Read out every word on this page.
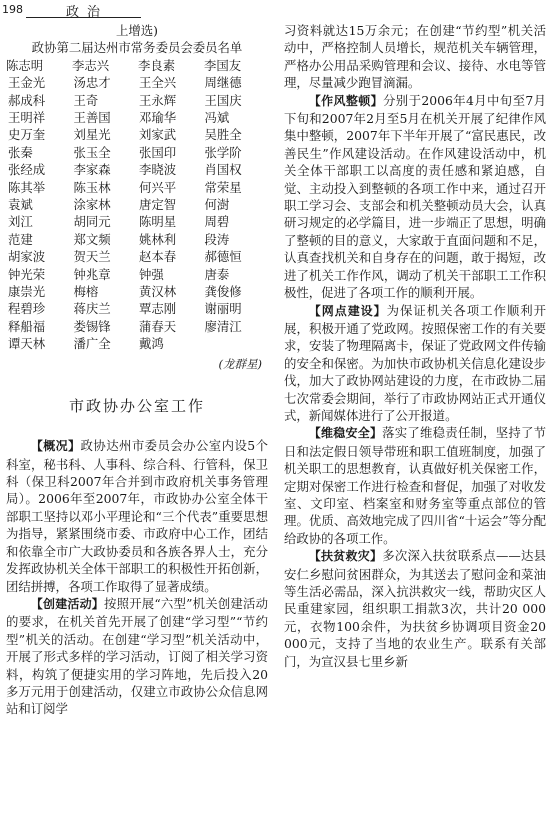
198	政治

上增选)

政协第二届达州市常务委员会委员名单

陈志明	李志兴	李良素	李国友
王金光	汤忠才	王全兴	周继德
郝成科	王奇	王永辉	王国庆
王明祥	王善国	邓瑜华	冯斌
史万奎	刘星光	刘家武	吴胜全
张秦	张玉全	张国印	张学阶
张经成	李家森	李晓波	肖国权
陈其举	陈玉林	何兴平	常荣星
袁斌	涂家林	唐定智	何澍
刘江	胡同元	陈明星	周碧
范建	郑文频	姚林利	段涛
胡家波	贺天兰	赵本春	郝德恒
钟光荣	钟兆章	钟强	唐泰
康崇光	梅榕	黄汉林	龚俊修
程碧珍	蒋庆兰	覃志刚	谢丽明
释船福	娄锡锋	蒲春天	廖清江
谭天林	潘广全	戴鸿
(龙群星)
市政协办公室工作

【概况】政协达州市委员会办公室内设5个科室，秘书科、人事科、综合科、行管科，保卫科（保卫科2007年合并到市政府机关事务管理局）。2006年至2007年，市政协办公室全体干部职工坚持以邓小平理论和“三个代表”重要思想为指导，紧紧围绕市委、市政府中心工作，团结和依靠全市广大政协委员和各族各界人士，充分发挥政协机关全体干部职工的积极性开拓创新，团结拼搏，各项工作取得了显著成绩。

【创建活动】按照开展“六型”机关创建活动的要求，在机关首先开展了创建“学习型”“节约型”机关的活动。在创建“学习型”机关活动中，开展了形式多样的学习活动，订阅了相关学习资料，构筑了便捷实用的学习阵地，先后投入20多万元用于创建活动，仅建立市政协公众信息网站和订阅学

习资料就达15万余元；在创建“节约型”机关活动中，严格控制人员增长，规范机关车辆管理，严格办公用品采购管理和会议、接待、水电等管理，尽量减少跑冒滴漏。

【作风整顿】分别于2006年4月中旬至7月下旬和2007年2月至5月在机关开展了纪律作风集中整顿，2007年下半年开展了“富民惠民，改善民生”作风建设活动。在作风建设活动中，机关全体干部职工以高度的责任感和紧迫感，自觉、主动投入到整顿的各项工作中来，通过召开职工学习会、支部会和机关整顿动员大会，认真研习规定的必学篇目，进一步端正了思想，明确了整顿的目的意义，大家敢于直面问题和不足，认真查找机关和自身存在的问题，敢于揭短，改进了机关工作作风，调动了机关干部职工工作积极性，促进了各项工作的顺利开展。

【网点建设】为保证机关各项工作顺利开展，积极开通了党政网。按照保密工作的有关要求，安装了物理隔离卡，保证了党政网文件传输的安全和保密。为加快市政协机关信息化建设步伐，加大了政协网站建设的力度，在市政协二届七次常委会期间，举行了市政协网站正式开通仪式，新闻媒体进行了公开报道。

【维稳安全】落实了维稳责任制，坚持了节日和法定假日领导带班和职工值班制度，加强了机关职工的思想教育，认真做好机关保密工作，定期对保密工作进行检查和督促，加强了对收发室、文印室、档案室和财务室等重点部位的管理。优质、高效地完成了四川省“十运会”等分配给政协的各项工作。

【扶贫救灾】多次深入扶贫联系点——达县安仁乡慰问贫困群众，为其送去了慰问金和菜油等生活必需品，深入抗洪救灾一线，帮助灾区人民重建家园，组织职工捐款3次，共计20 000元，衣物100余件，为扶贫乡协调项目资金20 000元，支持了当地的农业生产。联系有关部门，为宣汉县七里乡新
